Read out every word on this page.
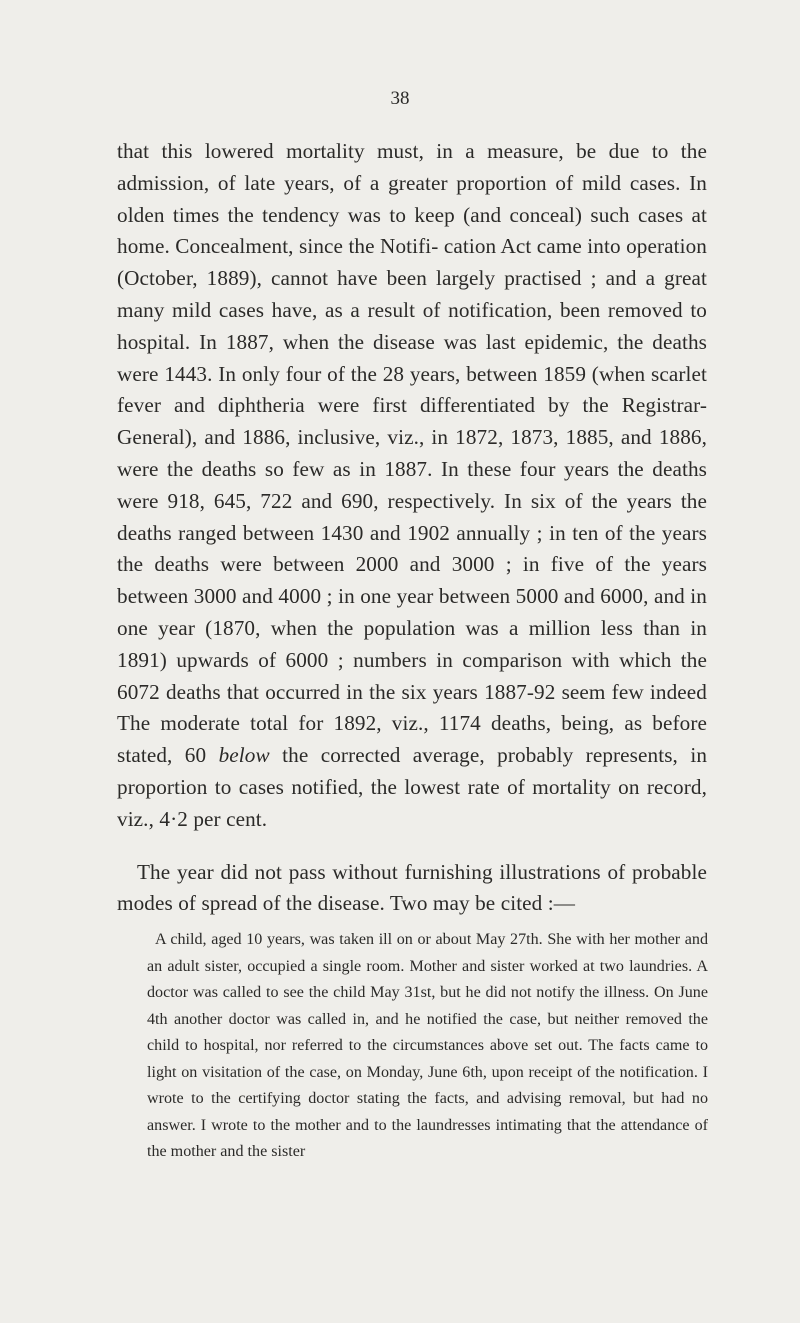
38

that this lowered mortality must, in a measure, be due to the admission, of late years, of a greater proportion of mild cases. In olden times the tendency was to keep (and conceal) such cases at home. Concealment, since the Notifi- cation Act came into operation (October, 1889), cannot have been largely practised ; and a great many mild cases have, as a result of notification, been removed to hospital. In 1887, when the disease was last epidemic, the deaths were 1443. In only four of the 28 years, between 1859 (when scarlet fever and diphtheria were first differentiated by the Registrar-General), and 1886, inclusive, viz., in 1872, 1873, 1885, and 1886, were the deaths so few as in 1887. In these four years the deaths were 918, 645, 722 and 690, respectively. In six of the years the deaths ranged between 1430 and 1902 annually ; in ten of the years the deaths were between 2000 and 3000 ; in five of the years between 3000 and 4000 ; in one year between 5000 and 6000, and in one year (1870, when the population was a million less than in 1891) upwards of 6000 ; numbers in comparison with which the 6072 deaths that occurred in the six years 1887-92 seem few indeed The moderate total for 1892, viz., 1174 deaths, being, as before stated, 60 below the corrected average, probably represents, in proportion to cases notified, the lowest rate of mortality on record, viz., 4·2 per cent.

The year did not pass without furnishing illustrations of probable modes of spread of the disease. Two may be cited :—

A child, aged 10 years, was taken ill on or about May 27th. She with her mother and an adult sister, occupied a single room. Mother and sister worked at two laundries. A doctor was called to see the child May 31st, but he did not notify the illness. On June 4th another doctor was called in, and he notified the case, but neither removed the child to hospital, nor referred to the circumstances above set out. The facts came to light on visitation of the case, on Monday, June 6th, upon receipt of the notification. I wrote to the certifying doctor stating the facts, and advising removal, but had no answer. I wrote to the mother and to the laundresses intimating that the attendance of the mother and the sister
